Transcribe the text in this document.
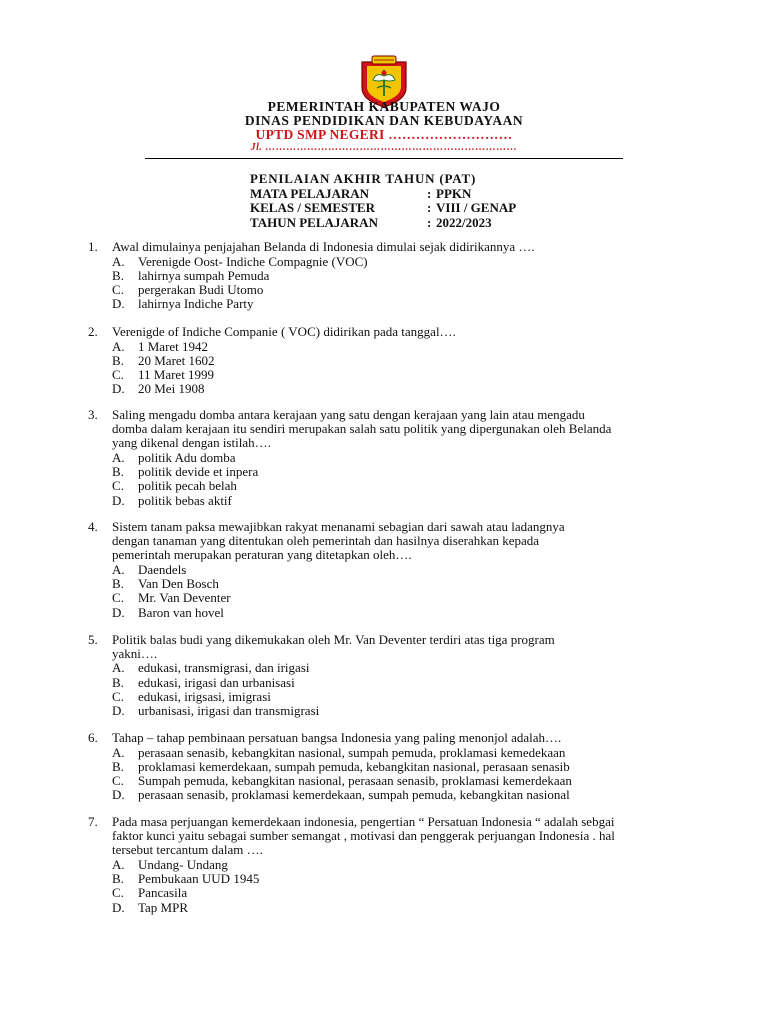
PEMERINTAH KABUPATEN WAJO
DINAS PENDIDIKAN DAN KEBUDAYAAN
UPTD SMP NEGERI ………………………
Jl. ………………………………………………………………
PENILAIAN AKHIR TAHUN (PAT)
MATA PELAJARAN	: PPKN
KELAS / SEMESTER	: VIII / GENAP
TAHUN PELAJARAN	: 2022/2023
1. Awal dimulainya penjajahan Belanda di Indonesia dimulai sejak didirikannya ….
A. Verenigde Oost- Indiche Compagnie (VOC)
B. lahirnya sumpah Pemuda
C. pergerakan Budi Utomo
D. lahirnya Indiche Party
2. Verenigde of Indiche Companie ( VOC) didirikan pada tanggal….
A. 1 Maret 1942
B. 20 Maret 1602
C. 11 Maret 1999
D. 20 Mei 1908
3. Saling mengadu domba antara kerajaan yang satu dengan kerajaan yang lain atau mengadu
domba dalam kerajaan itu sendiri merupakan salah satu politik yang dipergunakan oleh Belanda
yang dikenal dengan istilah….
A. politik Adu domba
B. politik devide et inpera
C. politik pecah belah
D. politik bebas aktif
4. Sistem tanam paksa mewajibkan rakyat menanami sebagian dari sawah atau ladangnya
dengan tanaman yang ditentukan oleh pemerintah dan hasilnya diserahkan kepada
pemerintah merupakan peraturan yang ditetapkan oleh….
A. Daendels
B. Van Den Bosch
C. Mr. Van Deventer
D. Baron van hovel
5. Politik balas budi yang dikemukakan oleh Mr. Van Deventer terdiri atas tiga program
yakni….
A. edukasi, transmigrasi, dan irigasi
B. edukasi, irigasi dan urbanisasi
C. edukasi, irigsasi, imigrasi
D. urbanisasi, irigasi dan transmigrasi
6. Tahap – tahap pembinaan persatuan bangsa Indonesia yang paling menonjol adalah….
A. perasaan senasib, kebangkitan nasional, sumpah pemuda, proklamasi kemedekaan
B. proklamasi kemerdekaan, sumpah pemuda, kebangkitan nasional, perasaan senasib
C. Sumpah pemuda, kebangkitan nasional, perasaan senasib, proklamasi kemerdekaan
D. perasaan senasib, proklamasi kemerdekaan, sumpah pemuda, kebangkitan nasional
7. Pada masa perjuangan kemerdekaan indonesia, pengertian “ Persatuan Indonesia “ adalah sebgai
faktor kunci yaitu sebagai sumber semangat , motivasi dan penggerak perjuangan Indonesia . hal
tersebut tercantum dalam ….
A. Undang- Undang
B. Pembukaan UUD 1945
C. Pancasila
D. Tap MPR
